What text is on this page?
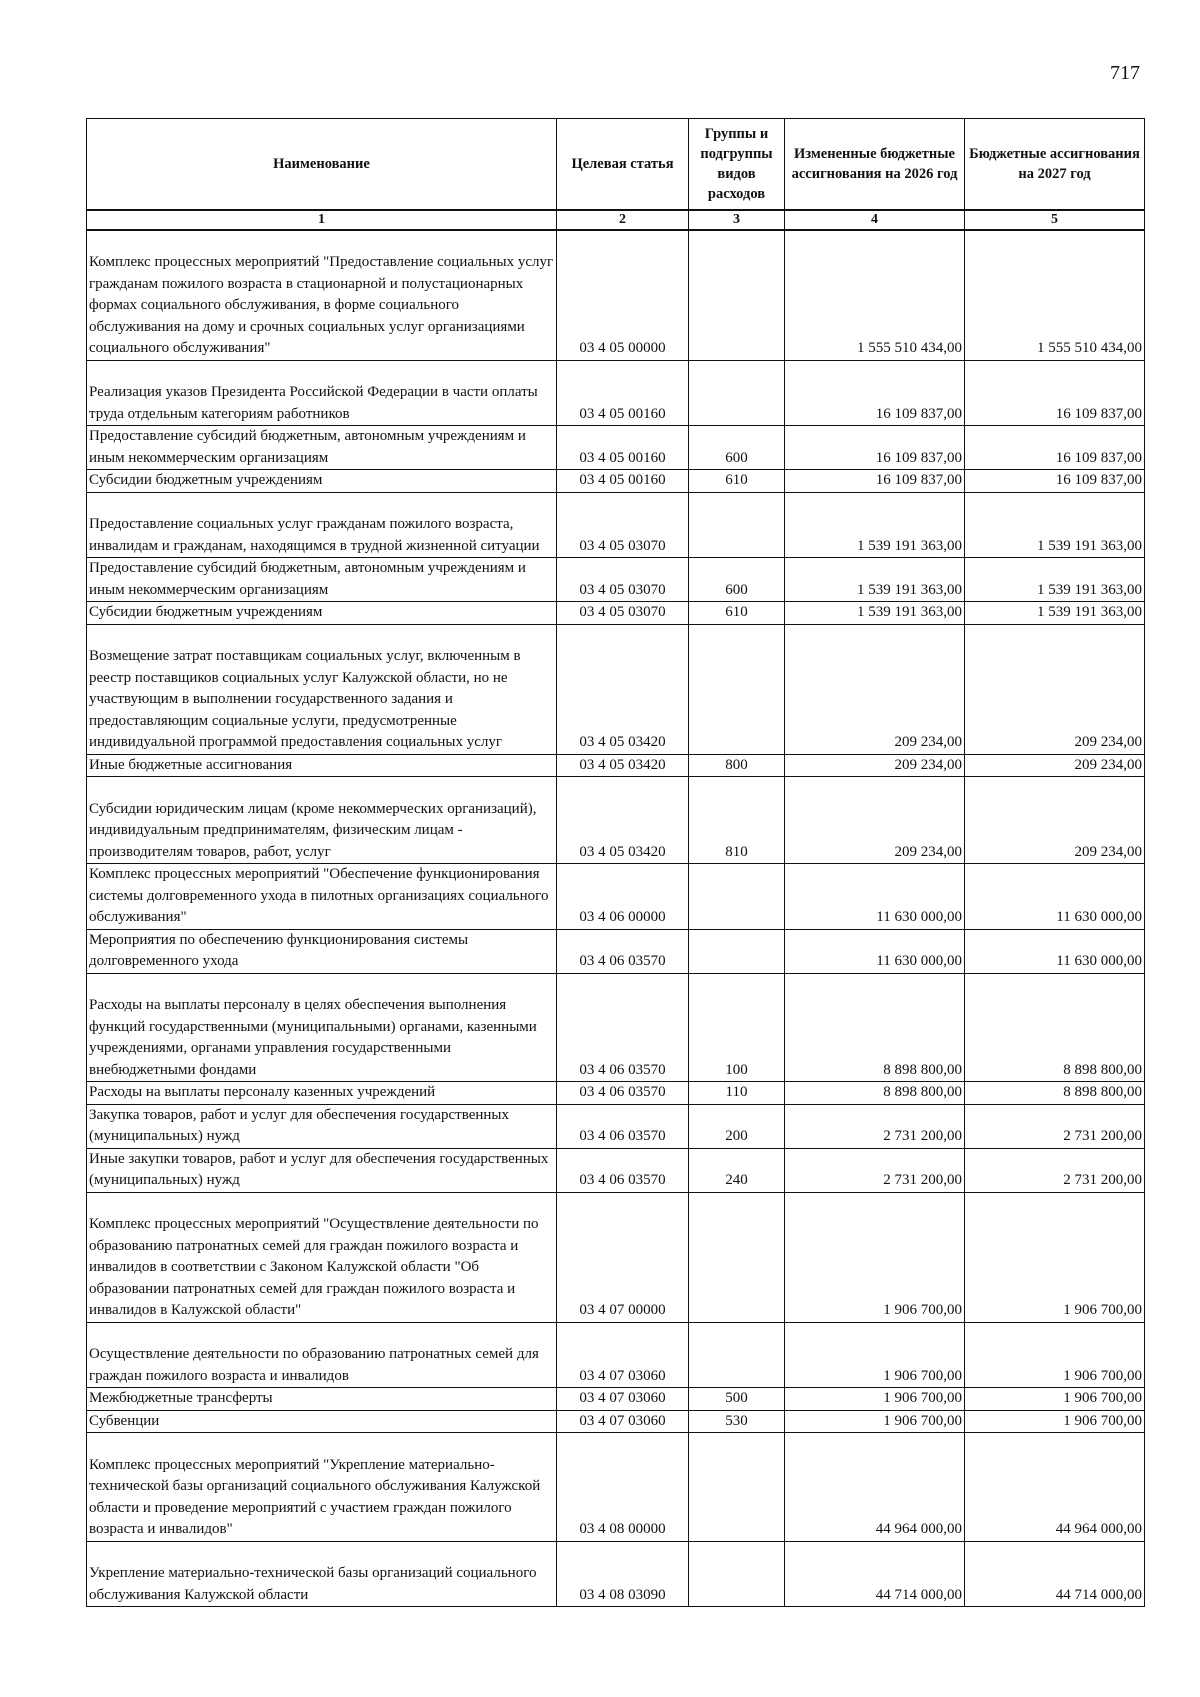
717
Наименование	Целевая статья	Группы и подгруппы видов расходов	Измененные бюджетные ассигнования на 2026 год	Бюджетные ассигнования на 2027 год
1	2	3	4	5
Комплекс процессных мероприятий "Предоставление социальных услуг гражданам пожилого возраста в стационарной и полустационарных формах социального обслуживания, в форме социального обслуживания на дому и срочных социальных услуг организациями социального обслуживания"	03 4 05 00000		1 555 510 434,00	1 555 510 434,00
Реализация указов Президента Российской Федерации в части оплаты труда отдельным категориям работников	03 4 05 00160		16 109 837,00	16 109 837,00
Предоставление субсидий бюджетным, автономным учреждениям и иным некоммерческим организациям	03 4 05 00160	600	16 109 837,00	16 109 837,00
Субсидии бюджетным учреждениям	03 4 05 00160	610	16 109 837,00	16 109 837,00
Предоставление социальных услуг гражданам пожилого возраста, инвалидам и гражданам, находящимся в трудной жизненной ситуации	03 4 05 03070		1 539 191 363,00	1 539 191 363,00
Предоставление субсидий бюджетным, автономным учреждениям и иным некоммерческим организациям	03 4 05 03070	600	1 539 191 363,00	1 539 191 363,00
Субсидии бюджетным учреждениям	03 4 05 03070	610	1 539 191 363,00	1 539 191 363,00
Возмещение затрат поставщикам социальных услуг, включенным в реестр поставщиков социальных услуг Калужской области, но не участвующим в выполнении государственного задания и предоставляющим социальные услуги, предусмотренные индивидуальной программой предоставления социальных услуг	03 4 05 03420		209 234,00	209 234,00
Иные бюджетные ассигнования	03 4 05 03420	800	209 234,00	209 234,00
Субсидии юридическим лицам (кроме некоммерческих организаций), индивидуальным предпринимателям, физическим лицам - производителям товаров, работ, услуг	03 4 05 03420	810	209 234,00	209 234,00
Комплекс процессных мероприятий "Обеспечение функционирования системы долговременного ухода в пилотных организациях социального обслуживания"	03 4 06 00000		11 630 000,00	11 630 000,00
Мероприятия по обеспечению функционирования системы долговременного ухода	03 4 06 03570		11 630 000,00	11 630 000,00
Расходы на выплаты персоналу в целях обеспечения выполнения функций государственными (муниципальными) органами, казенными учреждениями, органами управления государственными внебюджетными фондами	03 4 06 03570	100	8 898 800,00	8 898 800,00
Расходы на выплаты персоналу казенных учреждений	03 4 06 03570	110	8 898 800,00	8 898 800,00
Закупка товаров, работ и услуг для обеспечения государственных (муниципальных) нужд	03 4 06 03570	200	2 731 200,00	2 731 200,00
Иные закупки товаров, работ и услуг для обеспечения государственных (муниципальных) нужд	03 4 06 03570	240	2 731 200,00	2 731 200,00
Комплекс процессных мероприятий "Осуществление деятельности по образованию патронатных семей для граждан пожилого возраста и инвалидов в соответствии с Законом Калужской области "Об образовании патронатных семей для граждан пожилого возраста и инвалидов в Калужской области"	03 4 07 00000		1 906 700,00	1 906 700,00
Осуществление деятельности по образованию патронатных семей для граждан пожилого возраста и инвалидов	03 4 07 03060		1 906 700,00	1 906 700,00
Межбюджетные трансферты	03 4 07 03060	500	1 906 700,00	1 906 700,00
Субвенции	03 4 07 03060	530	1 906 700,00	1 906 700,00
Комплекс процессных мероприятий "Укрепление материально-технической базы организаций социального обслуживания Калужской области и проведение мероприятий с участием граждан пожилого возраста и инвалидов"	03 4 08 00000		44 964 000,00	44 964 000,00
Укрепление материально-технической базы организаций социального обслуживания Калужской области	03 4 08 03090		44 714 000,00	44 714 000,00
